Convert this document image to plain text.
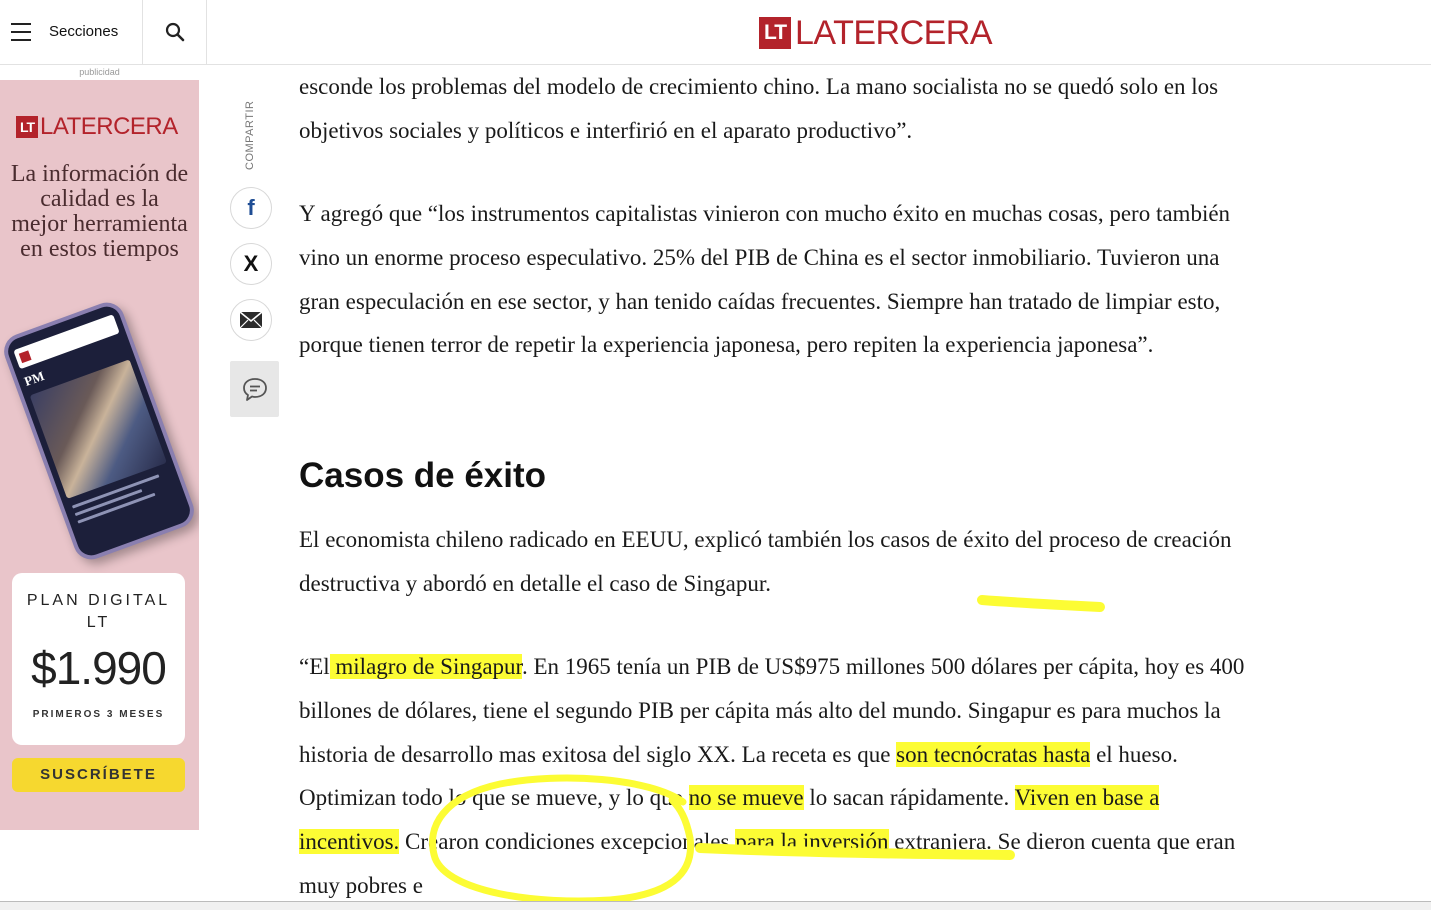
Secciones	LT LATERCERA
publicidad
LT LATERCERA
La información de calidad es la mejor herramienta en estos tiempos
PM
PLAN DIGITAL LT
$1.990
PRIMEROS 3 MESES
SUSCRÍBETE
COMPARTIR
f
X

esconde los problemas del modelo de crecimiento chino. La mano socialista no se quedó solo en los objetivos sociales y políticos e interfirió en el aparato productivo”.

Y agregó que “los instrumentos capitalistas vinieron con mucho éxito en muchas cosas, pero también vino un enorme proceso especulativo. 25% del PIB de China es el sector inmobiliario. Tuvieron una gran especulación en ese sector, y han tenido caídas frecuentes. Siempre han tratado de limpiar esto, porque tienen terror de repetir la experiencia japonesa, pero repiten la experiencia japonesa”.

Casos de éxito

El economista chileno radicado en EEUU, explicó también los casos de éxito del proceso de creación destructiva y abordó en detalle el caso de Singapur.

“El milagro de Singapur. En 1965 tenía un PIB de US$975 millones 500 dólares per cápita, hoy es 400 billones de dólares, tiene el segundo PIB per cápita más alto del mundo. Singapur es para muchos la historia de desarrollo mas exitosa del siglo XX. La receta es que son tecnócratas hasta el hueso. Optimizan todo lo que se mueve, y lo que no se mueve lo sacan rápidamente. Viven en base a incentivos. Crearon condiciones excepcionales para la inversión extranjera. Se dieron cuenta que eran muy pobres e
